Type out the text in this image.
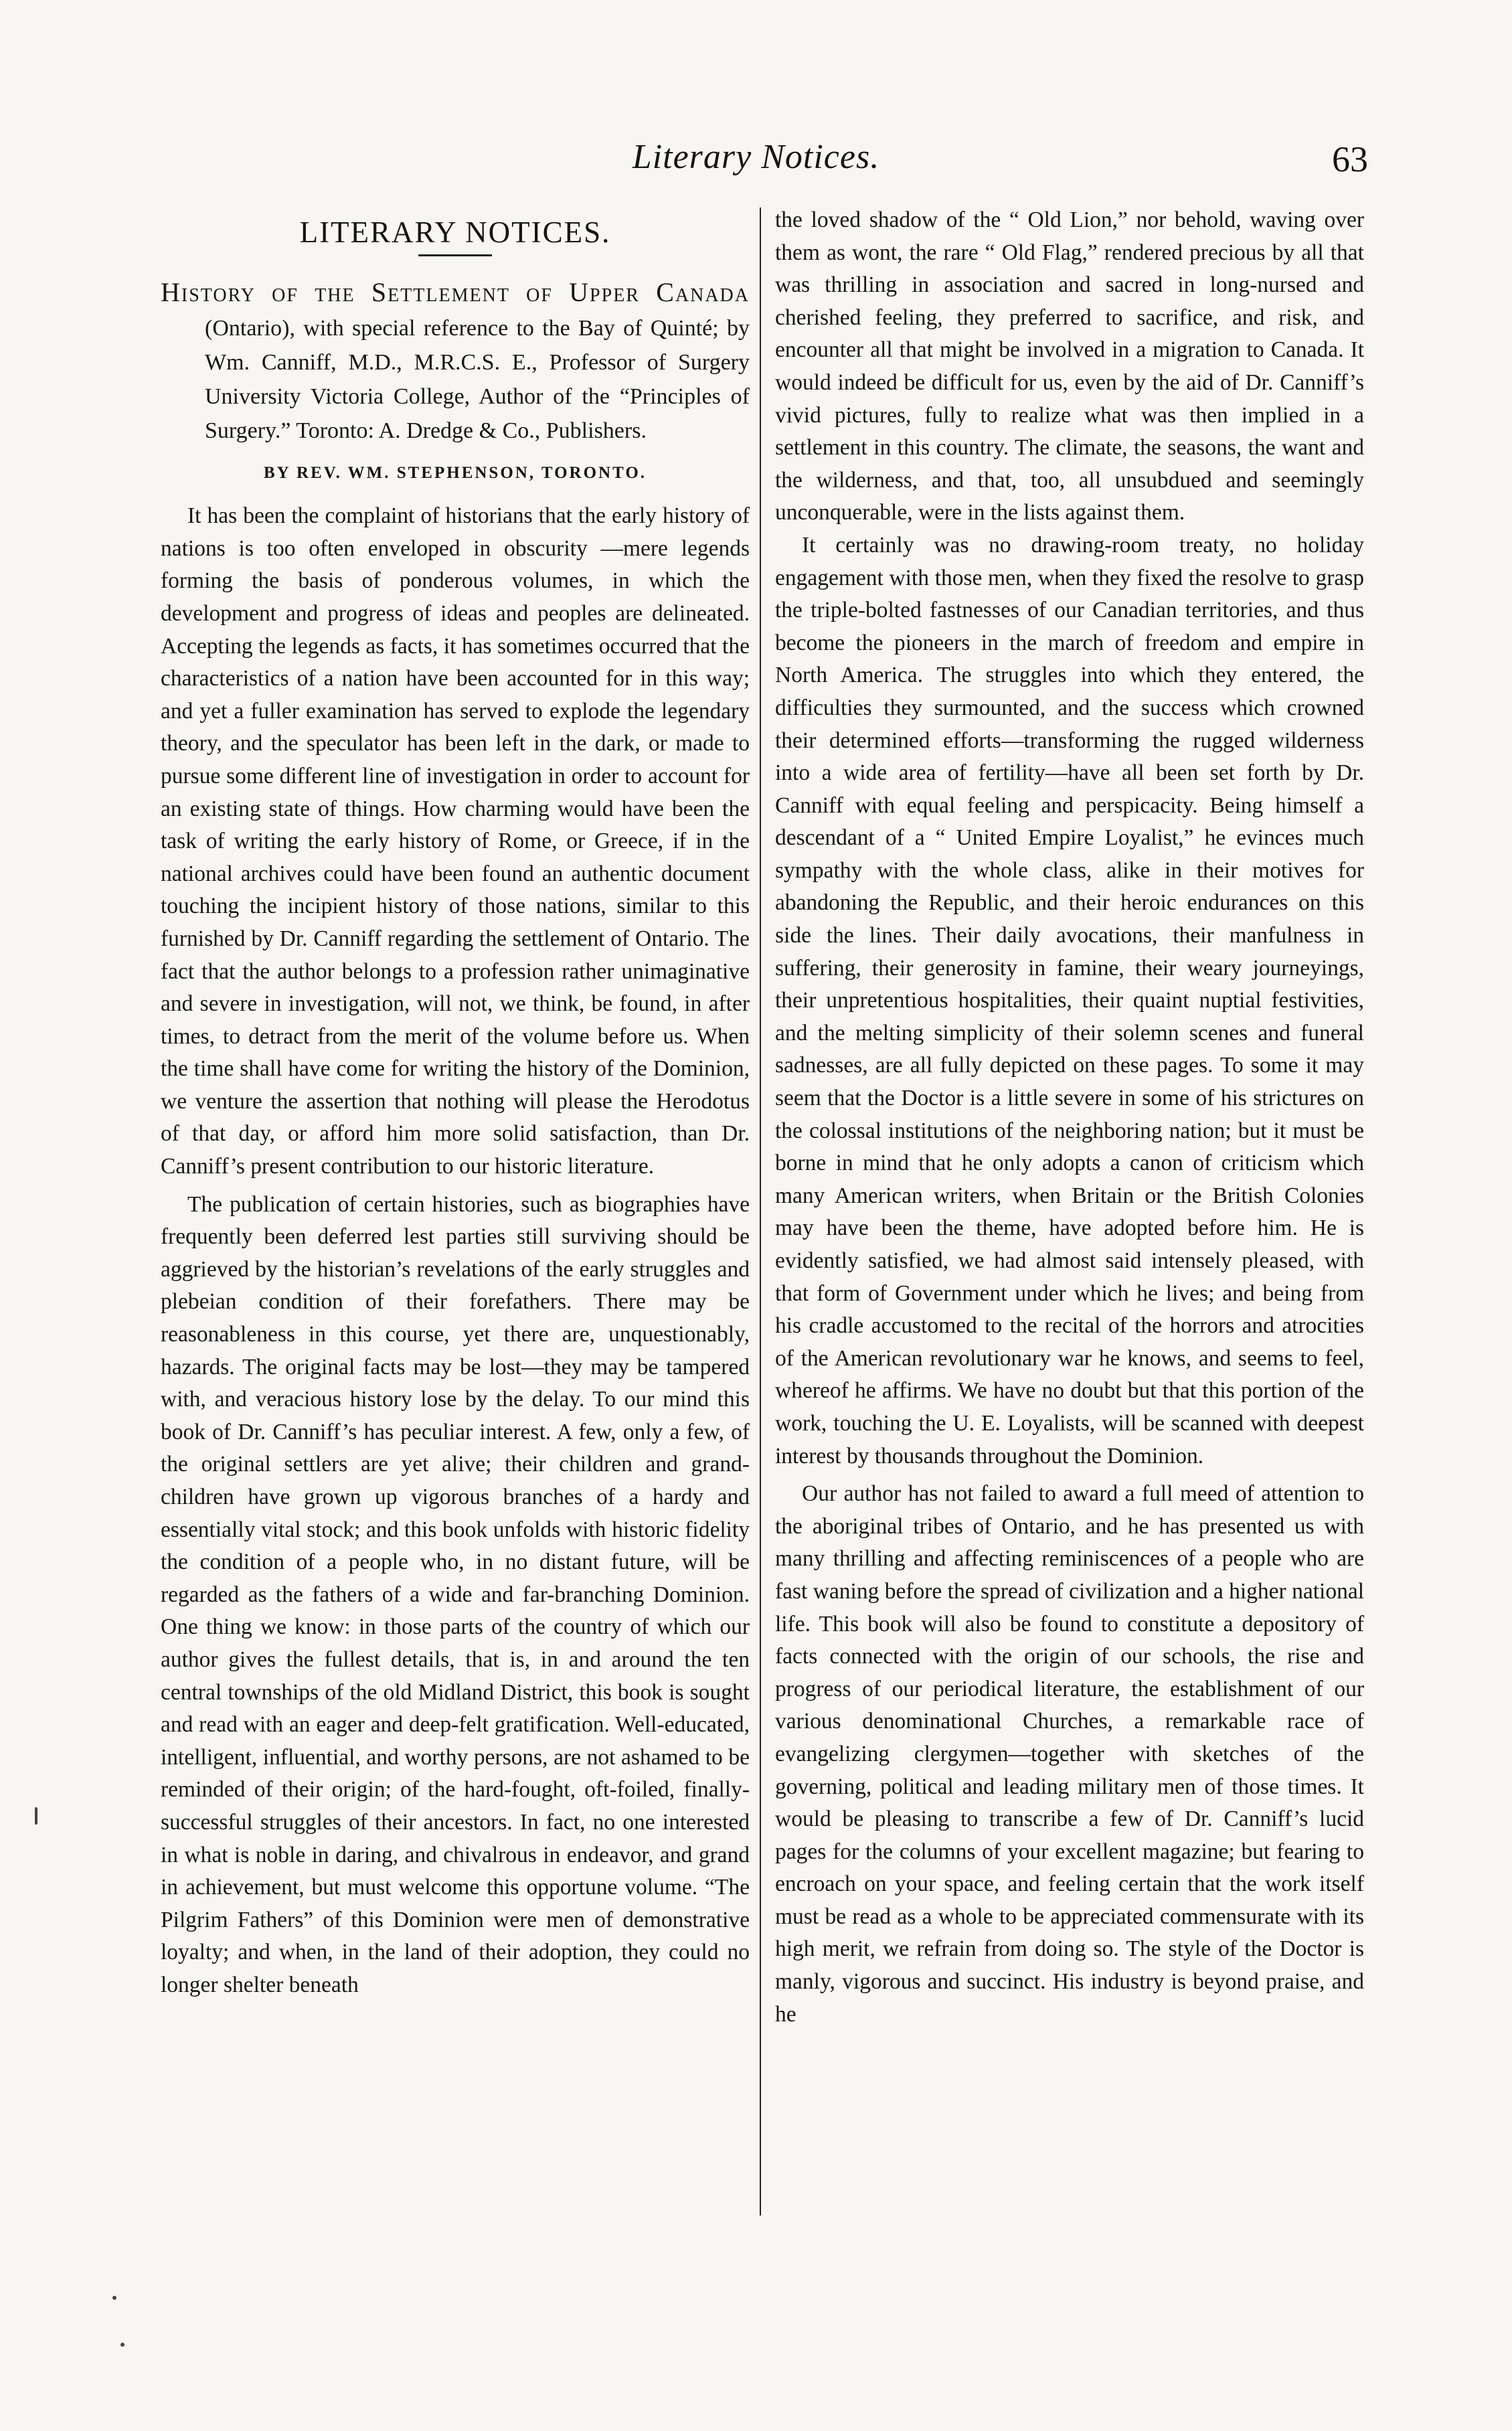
Literary Notices.	63
LITERARY NOTICES.
History of the Settlement of Upper Canada (Ontario), with special reference to the Bay of Quinté; by Wm. Canniff, M.D., M.R.C.S. E., Professor of Surgery University Victoria College, Author of the “Principles of Surgery.” Toronto: A. Dredge & Co., Publishers.
BY REV. WM. STEPHENSON, TORONTO.

It has been the complaint of historians that the early history of nations is too often enveloped in obscurity —mere legends forming the basis of ponderous volumes, in which the development and progress of ideas and peoples are delineated. Accepting the legends as facts, it has sometimes occurred that the characteristics of a nation have been accounted for in this way; and yet a fuller examination has served to explode the legendary theory, and the speculator has been left in the dark, or made to pursue some different line of investigation in order to account for an existing state of things. How charming would have been the task of writing the early history of Rome, or Greece, if in the national archives could have been found an authentic document touching the incipient history of those nations, similar to this furnished by Dr. Canniff regarding the settlement of Ontario. The fact that the author belongs to a profession rather unimaginative and severe in investigation, will not, we think, be found, in after times, to detract from the merit of the volume before us. When the time shall have come for writing the history of the Dominion, we venture the assertion that nothing will please the Herodotus of that day, or afford him more solid satisfaction, than Dr. Canniff’s present contribution to our historic literature.

The publication of certain histories, such as biographies have frequently been deferred lest parties still surviving should be aggrieved by the historian’s revelations of the early struggles and plebeian condition of their forefathers. There may be reasonableness in this course, yet there are, unquestionably, hazards. The original facts may be lost—they may be tampered with, and veracious history lose by the delay. To our mind this book of Dr. Canniff’s has peculiar interest. A few, only a few, of the original settlers are yet alive; their children and grand-children have grown up vigorous branches of a hardy and essentially vital stock; and this book unfolds with historic fidelity the condition of a people who, in no distant future, will be regarded as the fathers of a wide and far-branching Dominion. One thing we know: in those parts of the country of which our author gives the fullest details, that is, in and around the ten central townships of the old Midland District, this book is sought and read with an eager and deep-felt gratification. Well-educated, intelligent, influential, and worthy persons, are not ashamed to be reminded of their origin; of the hard-fought, oft-foiled, finally-successful struggles of their ancestors. In fact, no one interested in what is noble in daring, and chivalrous in endeavor, and grand in achievement, but must welcome this opportune volume. “The Pilgrim Fathers” of this Dominion were men of demonstrative loyalty; and when, in the land of their adoption, they could no longer shelter beneath

the loved shadow of the “ Old Lion,” nor behold, waving over them as wont, the rare “ Old Flag,” rendered precious by all that was thrilling in association and sacred in long-nursed and cherished feeling, they preferred to sacrifice, and risk, and encounter all that might be involved in a migration to Canada. It would indeed be difficult for us, even by the aid of Dr. Canniff’s vivid pictures, fully to realize what was then implied in a settlement in this country. The climate, the seasons, the want and the wilderness, and that, too, all unsubdued and seemingly unconquerable, were in the lists against them.

It certainly was no drawing-room treaty, no holiday engagement with those men, when they fixed the resolve to grasp the triple-bolted fastnesses of our Canadian territories, and thus become the pioneers in the march of freedom and empire in North America. The struggles into which they entered, the difficulties they surmounted, and the success which crowned their determined efforts—transforming the rugged wilderness into a wide area of fertility—have all been set forth by Dr. Canniff with equal feeling and perspicacity. Being himself a descendant of a “ United Empire Loyalist,” he evinces much sympathy with the whole class, alike in their motives for abandoning the Republic, and their heroic endurances on this side the lines. Their daily avocations, their manfulness in suffering, their generosity in famine, their weary journeyings, their unpretentious hospitalities, their quaint nuptial festivities, and the melting simplicity of their solemn scenes and funeral sadnesses, are all fully depicted on these pages. To some it may seem that the Doctor is a little severe in some of his strictures on the colossal institutions of the neighboring nation; but it must be borne in mind that he only adopts a canon of criticism which many American writers, when Britain or the British Colonies may have been the theme, have adopted before him. He is evidently satisfied, we had almost said intensely pleased, with that form of Government under which he lives; and being from his cradle accustomed to the recital of the horrors and atrocities of the American revolutionary war he knows, and seems to feel, whereof he affirms. We have no doubt but that this portion of the work, touching the U. E. Loyalists, will be scanned with deepest interest by thousands throughout the Dominion.

Our author has not failed to award a full meed of attention to the aboriginal tribes of Ontario, and he has presented us with many thrilling and affecting reminiscences of a people who are fast waning before the spread of civilization and a higher national life. This book will also be found to constitute a depository of facts connected with the origin of our schools, the rise and progress of our periodical literature, the establishment of our various denominational Churches, a remarkable race of evangelizing clergymen—together with sketches of the governing, political and leading military men of those times. It would be pleasing to transcribe a few of Dr. Canniff’s lucid pages for the columns of your excellent magazine; but fearing to encroach on your space, and feeling certain that the work itself must be read as a whole to be appreciated commensurate with its high merit, we refrain from doing so. The style of the Doctor is manly, vigorous and succinct. His industry is beyond praise, and he
